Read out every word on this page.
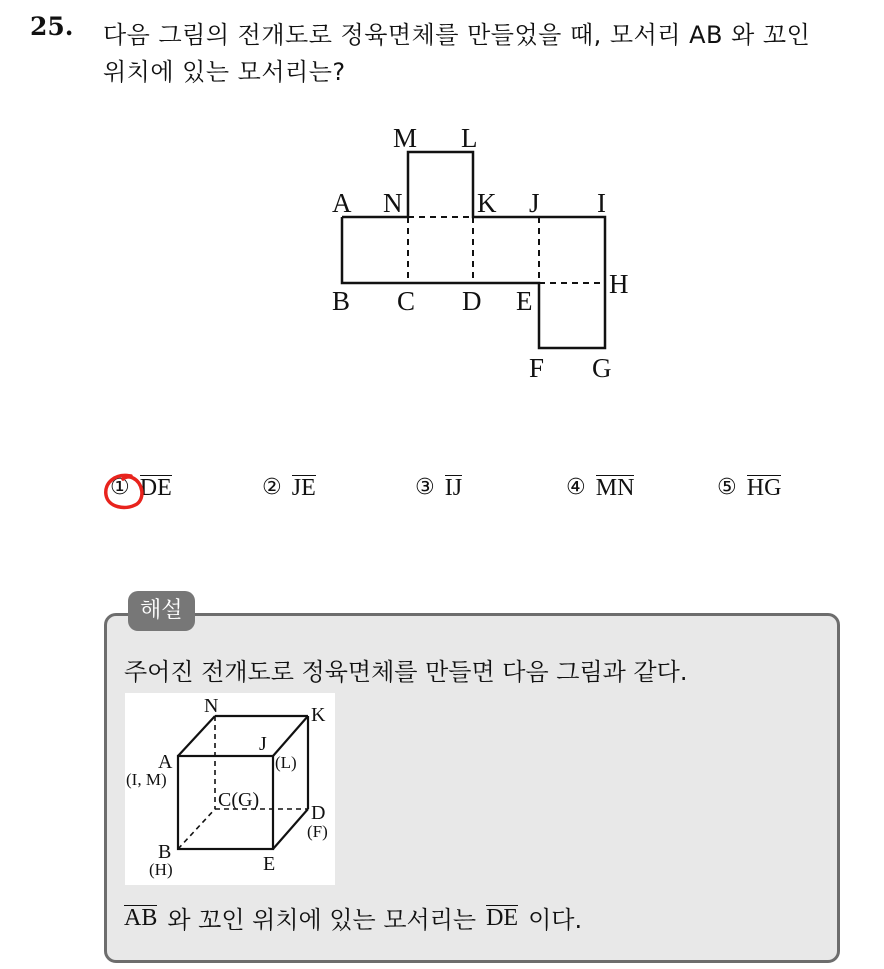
25. 다음 그림의 전개도로 정육면체를 만들었을 때, 모서리 AB 와 꼬인
위치에 있는 모서리는?
M L
A N	K J I
H
B C D E
F G
① DE	② JE	③ IJ	④ MN	⑤ HG
해설
주어진 전개도로 정육면체를 만들면 다음 그림과 같다.
N	K
A
(I, M)
J
(L)
C(G)
D
(F)
B
(H)	E
AB 와 꼬인 위치에 있는 모서리는 DE 이다.
